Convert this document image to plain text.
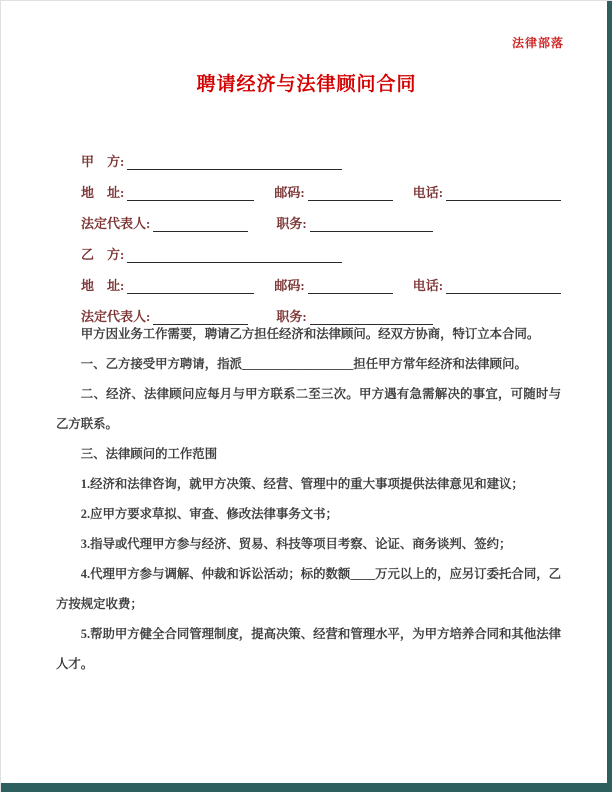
法律部落
聘请经济与法律顾问合同
甲　方:
地　址:	邮码:	电话:
法定代表人:	职务:
乙　方:
地　址:	邮码:	电话:
法定代表人:	职务:

甲方因业务工作需要，聘请乙方担任经济和法律顾问。经双方协商，特订立本合同。

一、乙方接受甲方聘请，指派__________________担任甲方常年经济和法律顾问。

二、经济、法律顾问应每月与甲方联系二至三次。甲方遇有急需解决的事宜，可随时与乙方联系。

三、法律顾问的工作范围

1.经济和法律咨询，就甲方决策、经营、管理中的重大事项提供法律意见和建议；

2.应甲方要求草拟、审查、修改法律事务文书；

3.指导或代理甲方参与经济、贸易、科技等项目考察、论证、商务谈判、签约；

4.代理甲方参与调解、仲裁和诉讼活动；标的数额____万元以上的，应另订委托合同，乙方按规定收费；

5.帮助甲方健全合同管理制度，提高决策、经营和管理水平，为甲方培养合同和其他法律人才。
